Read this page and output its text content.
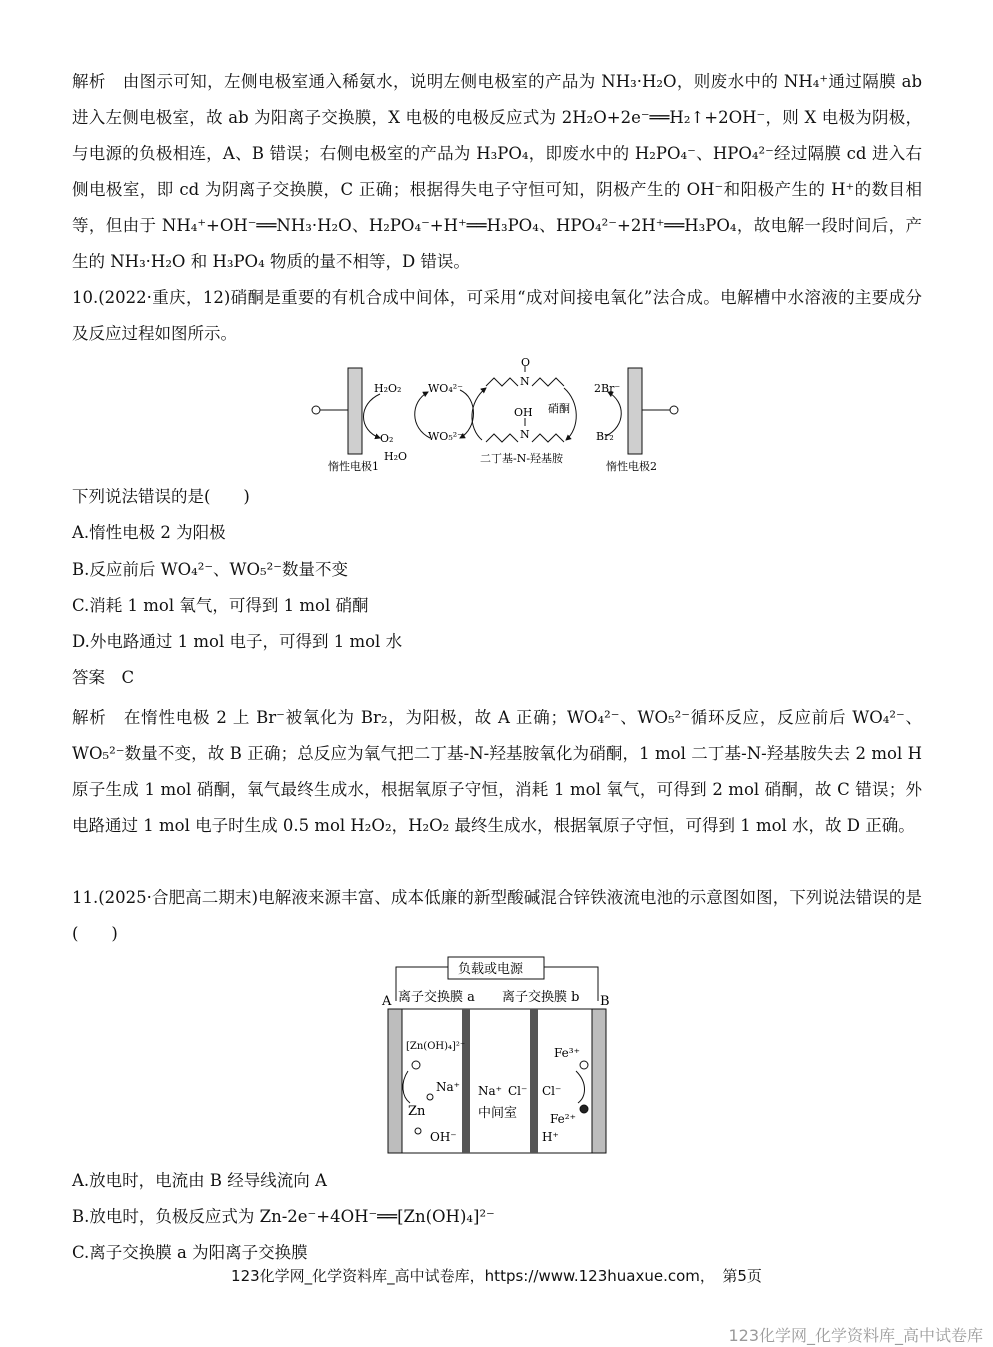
解析　 由图示可知，左侧电极室通入稀氨水，说明左侧电极室的产品为 NH₃·H₂O，则废水中的 NH₄⁺通过隔膜 ab 进入左侧电极室，故 ab 为阳离子交换膜，X 电极的电极反应式为 2H₂O+2e⁻══H₂↑+2OH⁻，则 X 电极为阴极，与电源的负极相连，A、B 错误；右侧电极室的产品为 H₃PO₄，即废水中的 H₂PO₄⁻、HPO₄²⁻经过隔膜 cd 进入右侧电极室，即 cd 为阴离子交换膜，C 正确；根据得失电子守恒可知，阴极产生的 OH⁻和阳极产生的 H⁺的数目相等，但由于 NH₄⁺+OH⁻══NH₃·H₂O、H₂PO₄⁻+H⁺══H₃PO₄、HPO₄²⁻+2H⁺══H₃PO₄，故电解一段时间后，产生的 NH₃·H₂O 和 H₃PO₄ 物质的量不相等，D 错误。
10.(2022·重庆，12)硝酮是重要的有机合成中间体，可采用“成对间接电氧化”法合成。电解槽中水溶液的主要成分及反应过程如图所示。
H₂O₂
O₂
H₂O
WO₄²⁻
WO₅²⁻
O
N
OH
N
硝酮
二丁基-N-羟基胺
2Br⁻
Br₂
惰性电极1	惰性电极2
下列说法错误的是(　　)
A.惰性电极 2 为阳极
B.反应前后 WO₄²⁻、WO₅²⁻数量不变
C.消耗 1 mol 氧气，可得到 1 mol 硝酮
D.外电路通过 1 mol 电子，可得到 1 mol 水
答案　C
解析　 在惰性电极 2 上 Br⁻被氧化为 Br₂，为阳极，故 A 正确；WO₄²⁻、WO₅²⁻循环反应，反应前后 WO₄²⁻、WO₅²⁻数量不变，故 B 正确；总反应为氧气把二丁基-N-羟基胺氧化为硝酮，1 mol 二丁基-N-羟基胺失去 2 mol H 原子生成 1 mol 硝酮，氧气最终生成水，根据氧原子守恒，消耗 1 mol 氧气，可得到 2 mol 硝酮，故 C 错误；外电路通过 1 mol 电子时生成 0.5 mol H₂O₂，H₂O₂ 最终生成水，根据氧原子守恒，可得到 1 mol 水，故 D 正确。
11.(2025·合肥高二期末)电解液来源丰富、成本低廉的新型酸碱混合锌铁液流电池的示意图如图，下列说法错误的是(　　)
负载或电源
A	B
离子交换膜 a 离子交换膜 b
[Zn(OH)₄]²⁻
Na⁺
Zn
OH⁻
Na⁺ Cl⁻
中间室
Fe³⁺
Cl⁻
Fe²⁺
H⁺
A.放电时，电流由 B 经导线流向 A
B.放电时，负极反应式为 Zn-2e⁻+4OH⁻══[Zn(OH)₄]²⁻
C.离子交换膜 a 为阳离子交换膜
123化学网_化学资料库_高中试卷库，https://www.123huaxue.com，　第5页
123化学网_化学资料库_高中试卷库
